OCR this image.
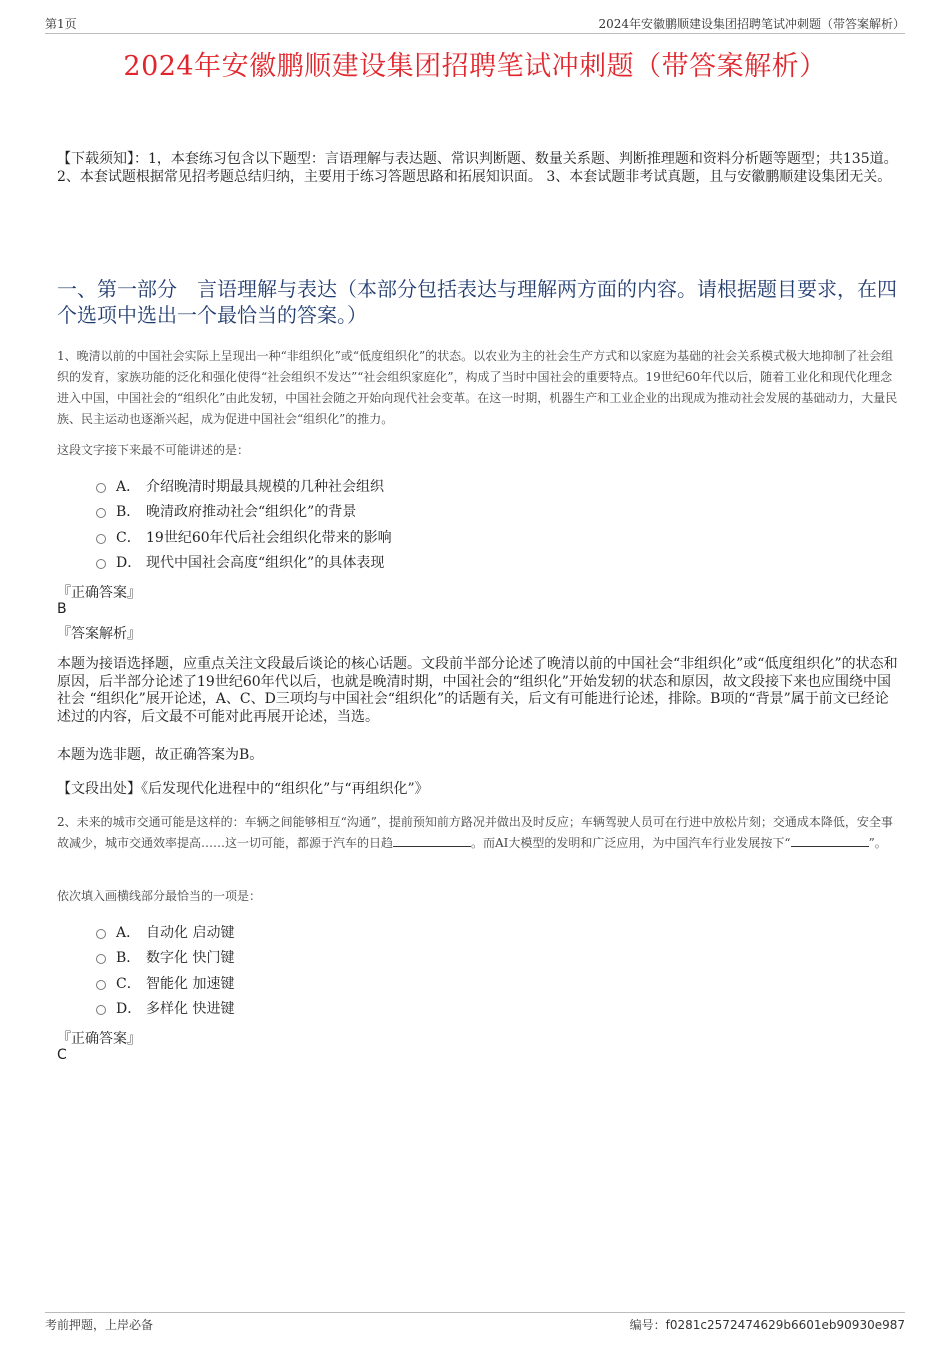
第1页	2024年安徽鹏顺建设集团招聘笔试冲刺题（带答案解析）
2024年安徽鹏顺建设集团招聘笔试冲刺题（带答案解析）
【下载须知】：1，本套练习包含以下题型：言语理解与表达题、常识判断题、数量关系题、判断推理题和资料分析题等题型；共135道。 2、本套试题根据常见招考题总结归纳，主要用于练习答题思路和拓展知识面。 3、本套试题非考试真题，且与安徽鹏顺建设集团无关。
一、第一部分　言语理解与表达（本部分包括表达与理解两方面的内容。请根据题目要求，在四个选项中选出一个最恰当的答案。）
1、晚清以前的中国社会实际上呈现出一种“非组织化”或“低度组织化”的状态。以农业为主的社会生产方式和以家庭为基础的社会关系模式极大地抑制了社会组织的发育，家族功能的泛化和强化使得“社会组织不发达”“社会组织家庭化”，构成了当时中国社会的重要特点。19世纪60年代以后，随着工业化和现代化理念进入中国，中国社会的“组织化”由此发轫，中国社会随之开始向现代社会变革。在这一时期，机器生产和工业企业的出现成为推动社会发展的基础动力，大量民族、民主运动也逐渐兴起，成为促进中国社会“组织化”的推力。
这段文字接下来最不可能讲述的是：
A． 介绍晚清时期最具规模的几种社会组织
B． 晚清政府推动社会“组织化”的背景
C． 19世纪60年代后社会组织化带来的影响
D． 现代中国社会高度“组织化”的具体表现
『正确答案』
B
『答案解析』
本题为接语选择题，应重点关注文段最后谈论的核心话题。文段前半部分论述了晚清以前的中国社会“非组织化”或“低度组织化”的状态和原因，后半部分论述了19世纪60年代以后，也就是晚清时期，中国社会的“组织化”开始发轫的状态和原因，故文段接下来也应围绕中国社会 “组织化”展开论述，A、C、D三项均与中国社会“组织化”的话题有关，后文有可能进行论述，排除。B项的“背景”属于前文已经论述过的内容，后文最不可能对此再展开论述，当选。
本题为选非题，故正确答案为B。
【文段出处】《后发现代化进程中的“组织化”与“再组织化”》
2、未来的城市交通可能是这样的：车辆之间能够相互“沟通”，提前预知前方路况并做出及时反应；车辆驾驶人员可在行进中放松片刻；交通成本降低，安全事故减少，城市交通效率提高……这一切可能，都源于汽车的日趋	。而AI大模型的发明和广泛应用，为中国汽车行业发展按下“	”。
依次填入画横线部分最恰当的一项是：
A． 自动化 启动键
B． 数字化 快门键
C． 智能化 加速键
D． 多样化 快进键
『正确答案』
C
考前押题，上岸必备	编号：f0281c2572474629b6601eb90930e987
